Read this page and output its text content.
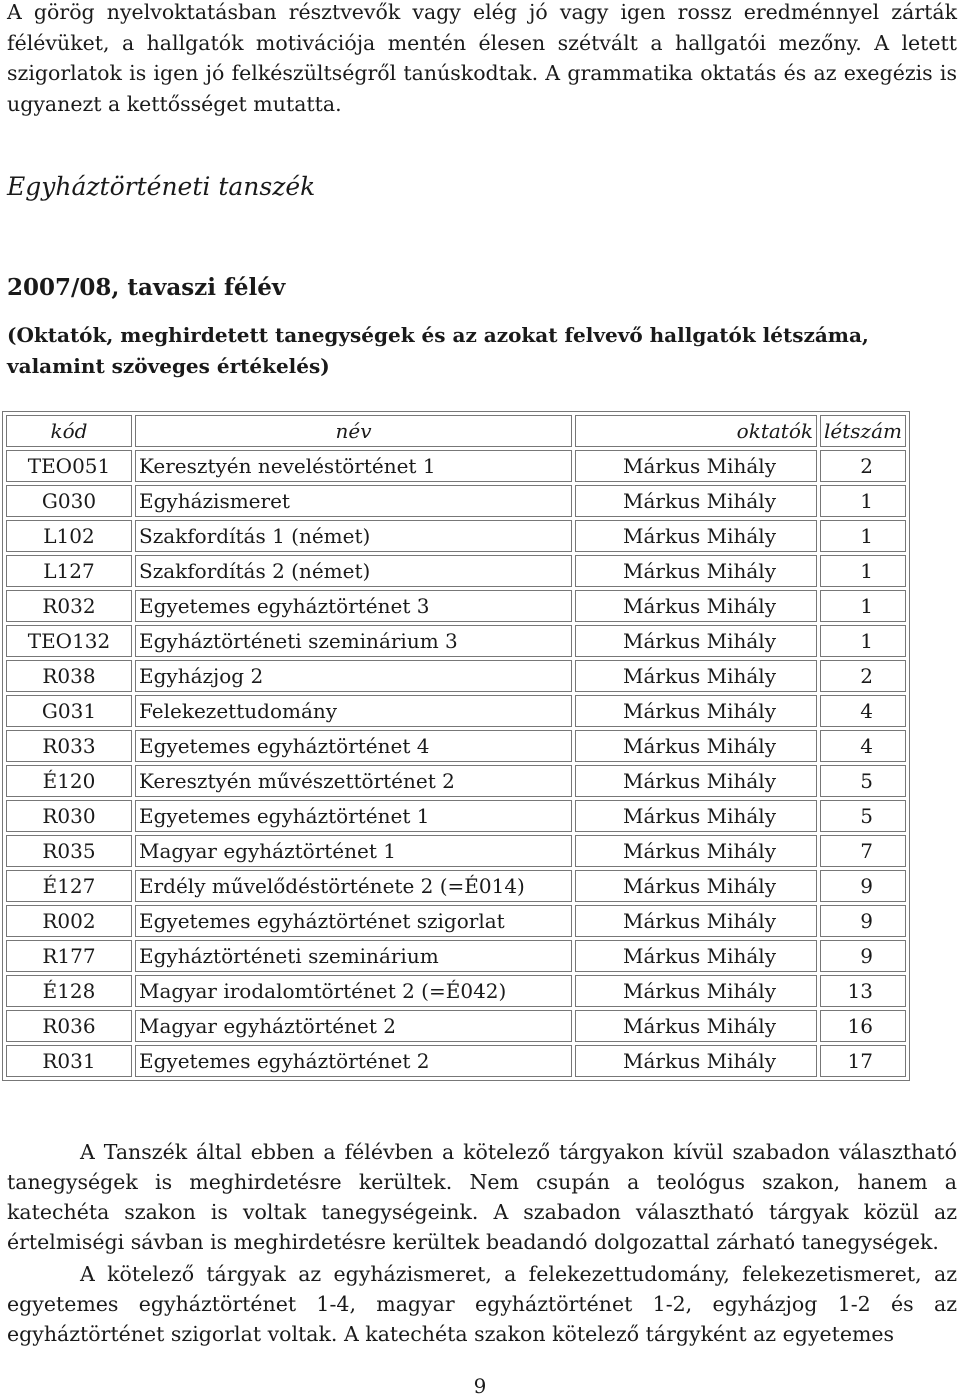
A görög nyelvoktatásban résztvevők vagy elég jó vagy igen rossz eredménnyel zárták félévüket, a hallgatók motivációja mentén élesen szétvált a hallgatói mezőny. A letett szigorlatok is igen jó felkészültségről tanúskodtak. A grammatika oktatás és az exegézis is ugyanezt a kettősséget mutatta.
Egyháztörténeti tanszék
2007/08, tavaszi félév
(Oktatók, meghirdetett tanegységek és az azokat felvevő hallgatók létszáma, valamint szöveges értékelés)
kód	név	oktatók	létszám
TEO051	Keresztyén neveléstörténet 1	Márkus Mihály	2
G030	Egyházismeret	Márkus Mihály	1
L102	Szakfordítás 1 (német)	Márkus Mihály	1
L127	Szakfordítás 2 (német)	Márkus Mihály	1
R032	Egyetemes egyháztörténet 3	Márkus Mihály	1
TEO132	Egyháztörténeti szeminárium 3	Márkus Mihály	1
R038	Egyházjog 2	Márkus Mihály	2
G031	Felekezettudomány	Márkus Mihály	4
R033	Egyetemes egyháztörténet 4	Márkus Mihály	4
É120	Keresztyén művészettörténet 2	Márkus Mihály	5
R030	Egyetemes egyháztörténet 1	Márkus Mihály	5
R035	Magyar egyháztörténet 1	Márkus Mihály	7
É127	Erdély művelődéstörténete 2 (=É014)	Márkus Mihály	9
R002	Egyetemes egyháztörténet szigorlat	Márkus Mihály	9
R177	Egyháztörténeti szeminárium	Márkus Mihály	9
É128	Magyar irodalomtörténet 2 (=É042)	Márkus Mihály	13
R036	Magyar egyháztörténet 2	Márkus Mihály	16
R031	Egyetemes egyháztörténet 2	Márkus Mihály	17
A Tanszék által ebben a félévben a kötelező tárgyakon kívül szabadon választható tanegységek is meghirdetésre kerültek. Nem csupán a teológus szakon, hanem a katechéta szakon is voltak tanegységeink. A szabadon választható tárgyak közül az értelmiségi sávban is meghirdetésre kerültek beadandó dolgozattal zárható tanegységek.
A kötelező tárgyak az egyházismeret, a felekezettudomány, felekezetismeret, az egyetemes egyháztörténet 1-4, magyar egyháztörténet 1-2, egyházjog 1-2 és az egyháztörténet szigorlat voltak. A katechéta szakon kötelező tárgyként az egyetemes
9
